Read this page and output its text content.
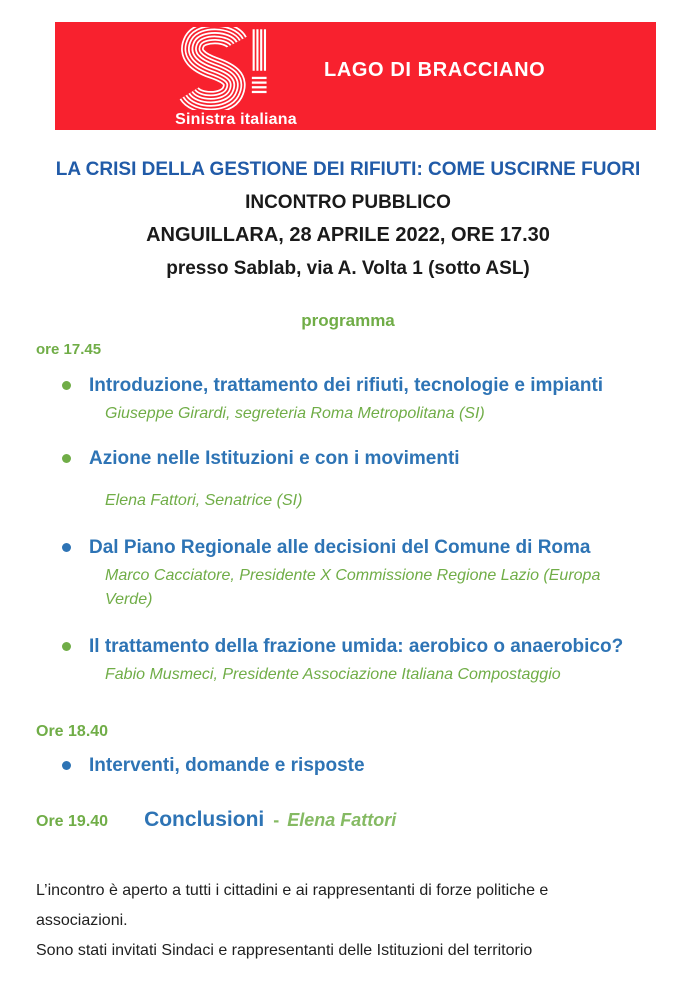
Sinistra italiana
LAGO DI BRACCIANO
LA CRISI DELLA GESTIONE DEI RIFIUTI: COME USCIRNE FUORI
INCONTRO PUBBLICO
ANGUILLARA, 28 APRILE 2022, ORE 17.30
presso Sablab, via A. Volta 1 (sotto ASL)
programma
ore 17.45
Introduzione, trattamento dei rifiuti, tecnologie e impianti
Giuseppe Girardi, segreteria Roma Metropolitana (SI)
Azione nelle Istituzioni e con i movimenti
Elena Fattori, Senatrice (SI)
Dal Piano Regionale alle decisioni del Comune di Roma
Marco Cacciatore, Presidente X Commissione Regione Lazio (Europa Verde)
Il trattamento della frazione umida: aerobico o anaerobico?
Fabio Musmeci, Presidente Associazione Italiana Compostaggio
Ore 18.40
Interventi, domande e risposte
Ore 19.40 Conclusioni - Elena Fattori

L’incontro è aperto a tutti i cittadini e ai rappresentanti di forze politiche e associazioni.

Sono stati invitati Sindaci e rappresentanti delle Istituzioni del territorio
